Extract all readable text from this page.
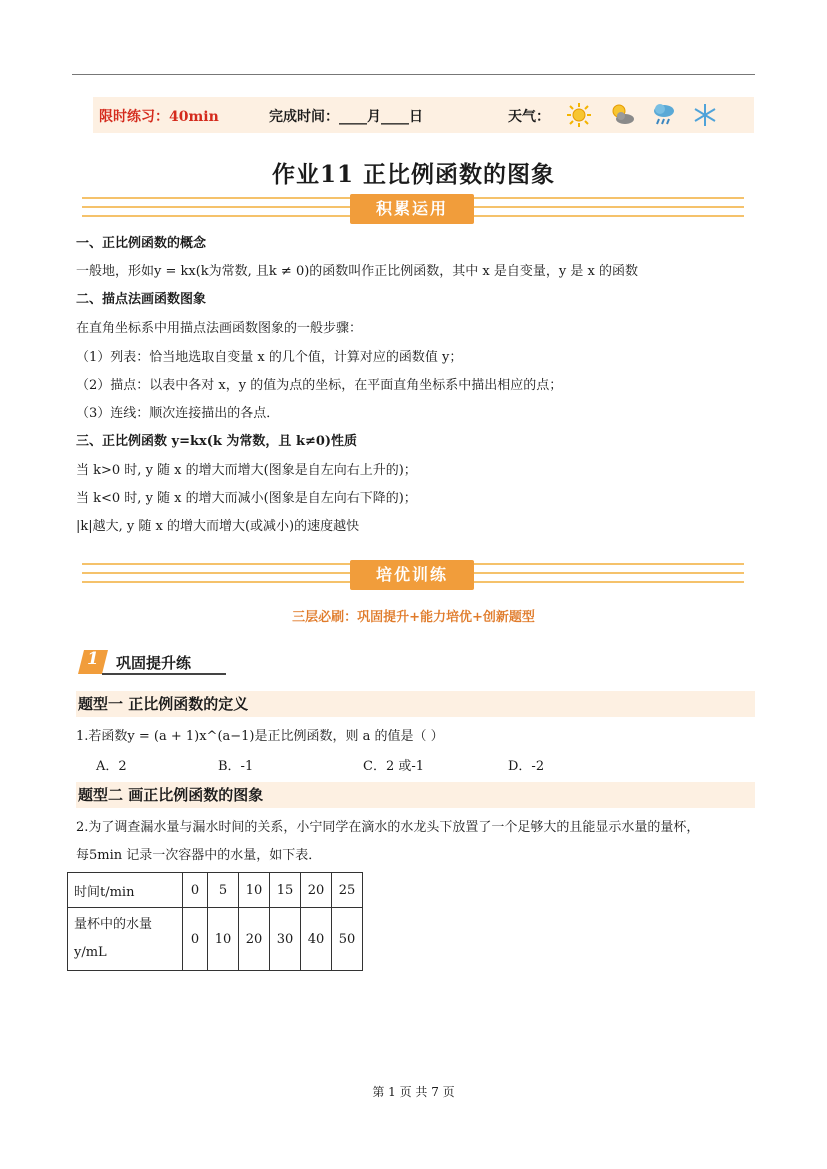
限时练习：40min	完成时间：____月____日	天气：
作业11 正比例函数的图象
积累运用
一、正比例函数的概念
一般地，形如y = kx(k为常数, 且k ≠ 0)的函数叫作正比例函数，其中 x 是自变量，y 是 x 的函数
二、描点法画函数图象
在直角坐标系中用描点法画函数图象的一般步骤：
（1）列表：恰当地选取自变量 x 的几个值，计算对应的函数值 y；
（2）描点：以表中各对 x，y 的值为点的坐标，在平面直角坐标系中描出相应的点；
（3）连线：顺次连接描出的各点．
三、正比例函数 y=kx(k 为常数，且 k≠0)性质
当 k>0 时, y 随 x 的增大而增大(图象是自左向右上升的)；
当 k<0 时, y 随 x 的增大而减小(图象是自左向右下降的)；
|k|越大, y 随 x 的增大而增大(或减小)的速度越快
培优训练
三层必刷：巩固提升+能力培优+创新题型
1 巩固提升练
题型一 正比例函数的定义
1.若函数y = (a + 1)x^(a−1)是正比例函数，则 a 的值是（ ）
A．2	B．-1	C．2 或-1	D．-2
题型二 画正比例函数的图象
2.为了调查漏水量与漏水时间的关系，小宁同学在滴水的水龙头下放置了一个足够大的且能显示水量的量杯，
每5min 记录一次容器中的水量，如下表．
时间t/min	0	5	10	15	20	25

量杯中的水量
y/mL	0	10	20	30	40	50
第 1 页 共 7 页
